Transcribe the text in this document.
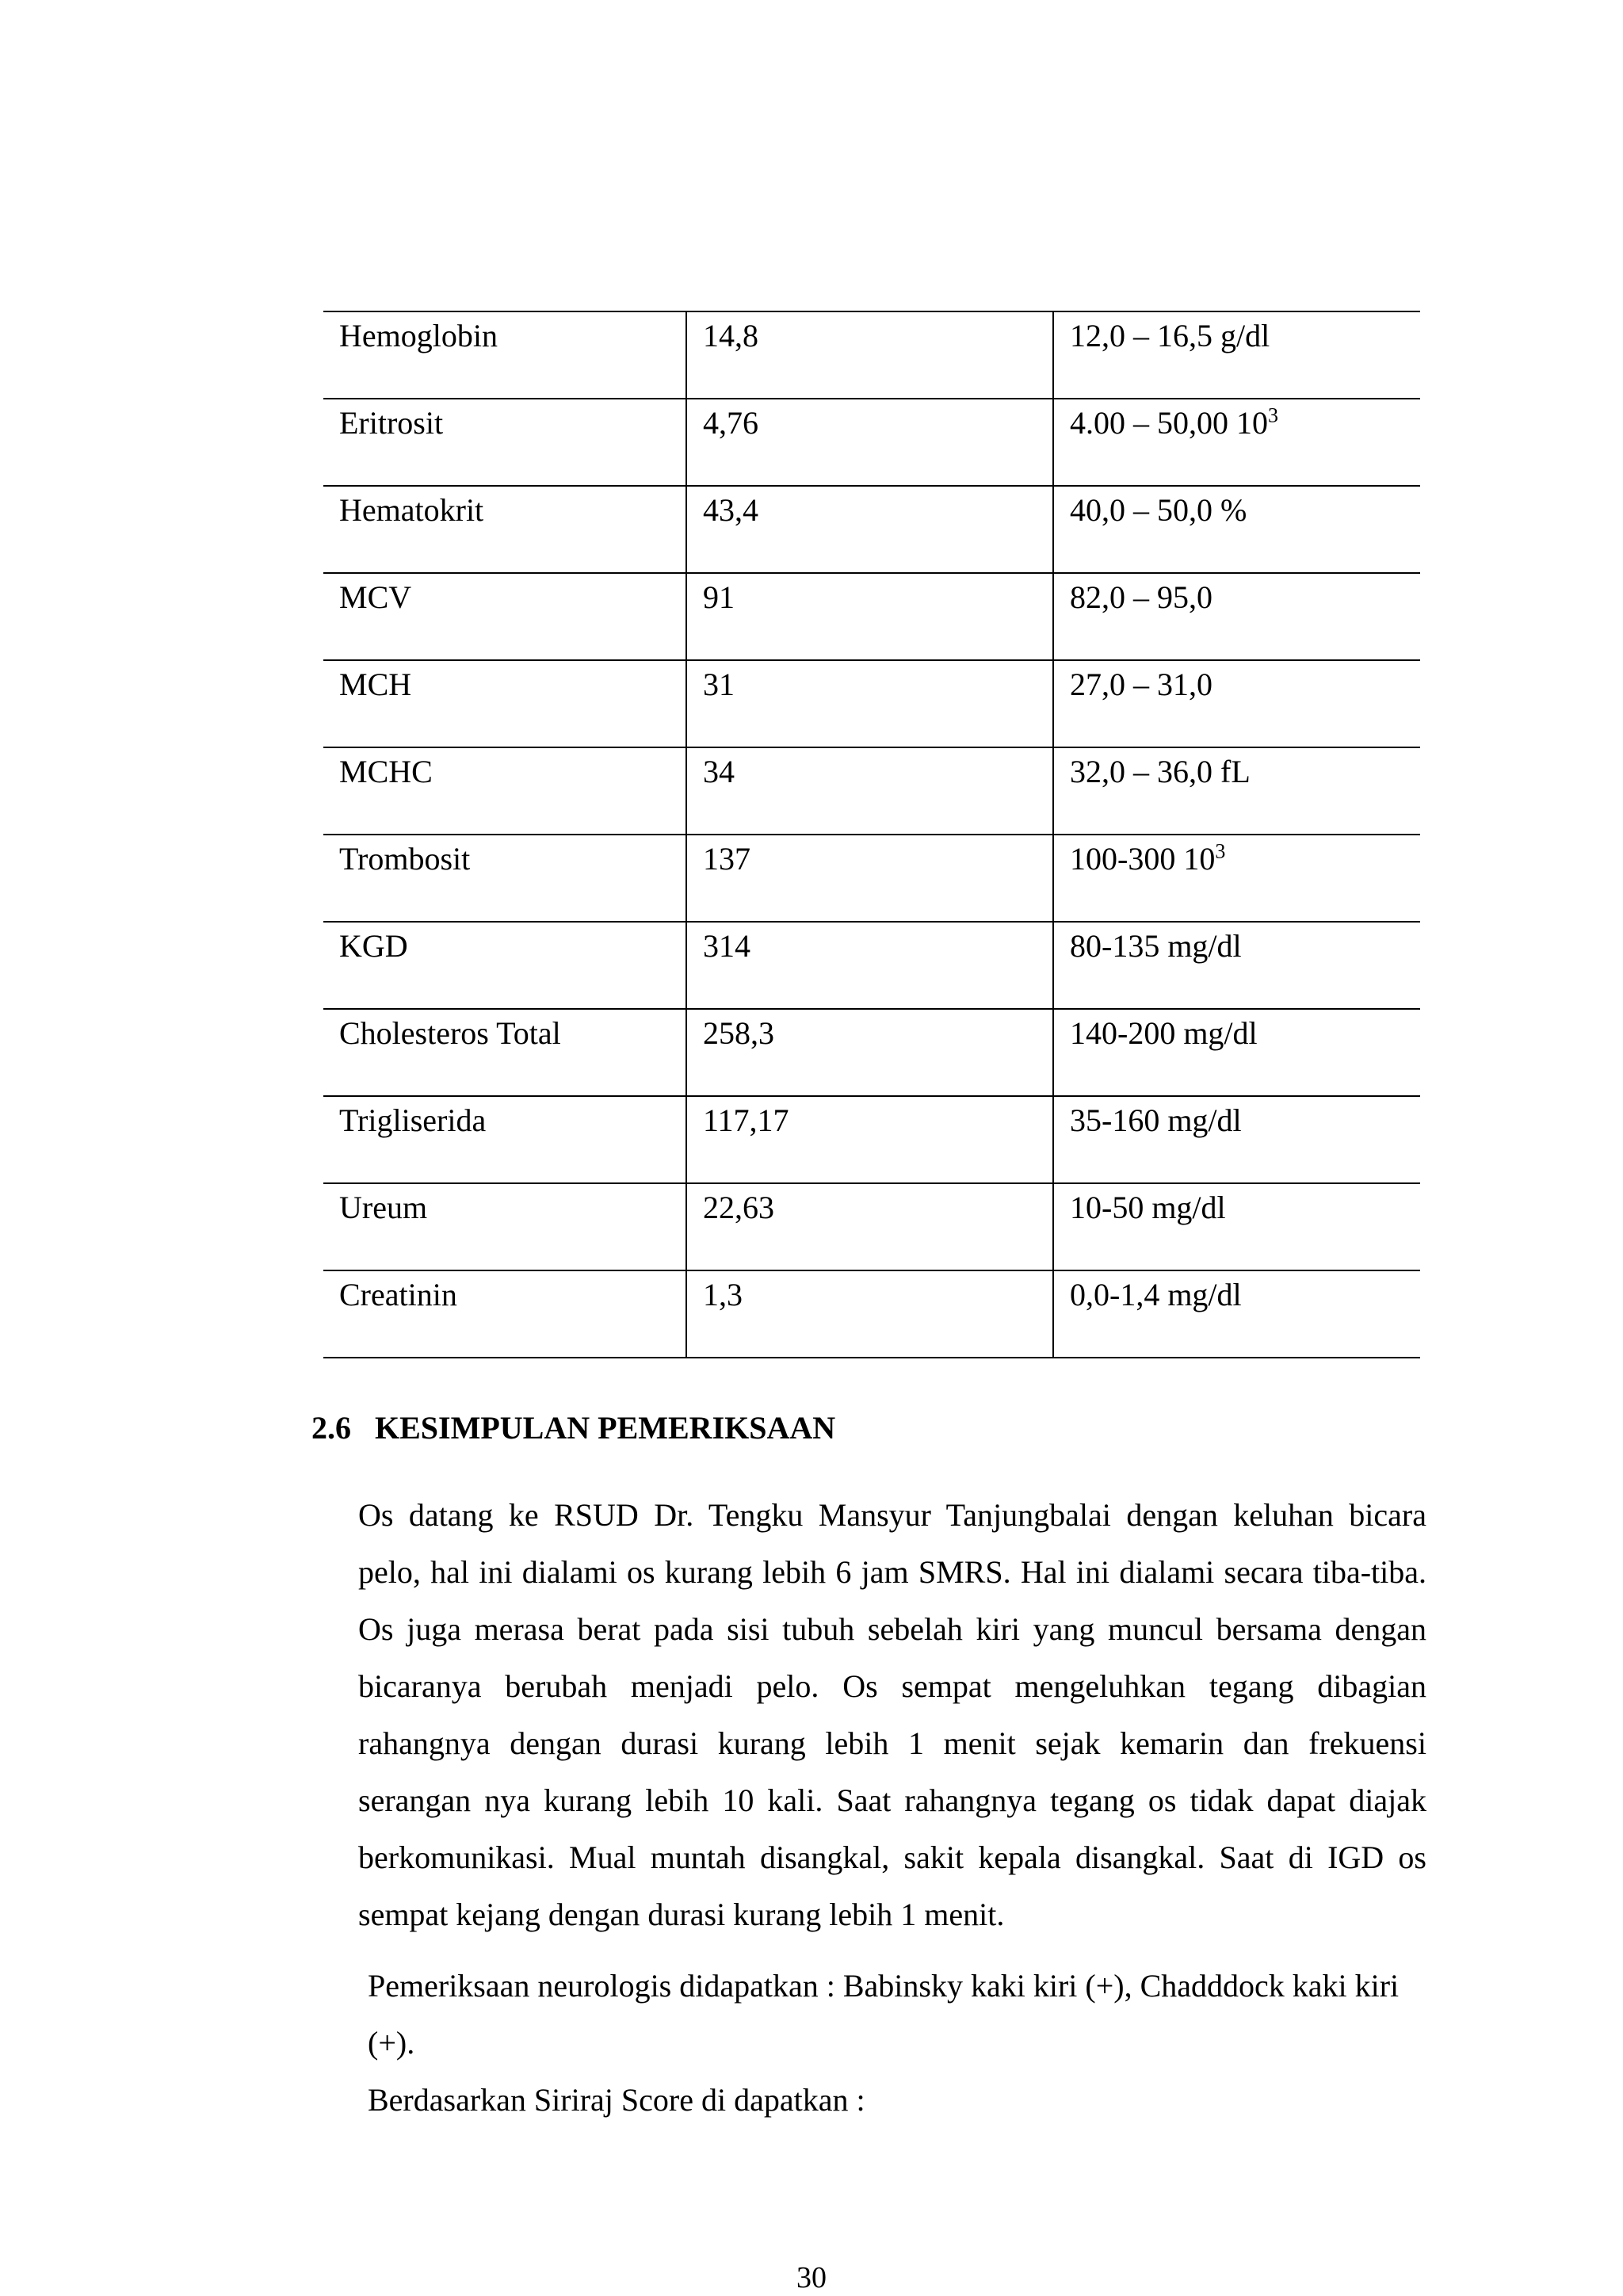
Hemoglobin	14,8	12,0 – 16,5 g/dl
Eritrosit	4,76	4.00 – 50,00 $10^3$
Hematokrit	43,4	40,0 – 50,0 %
MCV	91	82,0 – 95,0
MCH	31	27,0 – 31,0
MCHC	34	32,0 – 36,0 fL
Trombosit	137	100-300 $10^3$
KGD	314	80-135 mg/dl
Cholesteros Total	258,3	140-200 mg/dl
Trigliserida	117,17	35-160 mg/dl
Ureum	22,63	10-50 mg/dl
Creatinin	1,3	0,0-1,4 mg/dl
2.6 KESIMPULAN PEMERIKSAAN
Os datang ke RSUD Dr. Tengku Mansyur Tanjungbalai dengan keluhan bicara
pelo, hal ini dialami os kurang lebih 6 jam SMRS. Hal ini dialami secara tiba-tiba.
Os juga merasa berat pada sisi tubuh sebelah kiri yang muncul bersama dengan
bicaranya berubah menjadi pelo. Os sempat mengeluhkan tegang dibagian
rahangnya dengan durasi kurang lebih 1 menit sejak kemarin dan frekuensi
serangan nya kurang lebih 10 kali. Saat rahangnya tegang os tidak dapat diajak
berkomunikasi. Mual muntah disangkal, sakit kepala disangkal. Saat di IGD os
sempat kejang dengan durasi kurang lebih 1 menit.
Pemeriksaan neurologis didapatkan : Babinsky kaki kiri (+), Chadddock kaki kiri
(+).
Berdasarkan Siriraj Score di dapatkan :
30
